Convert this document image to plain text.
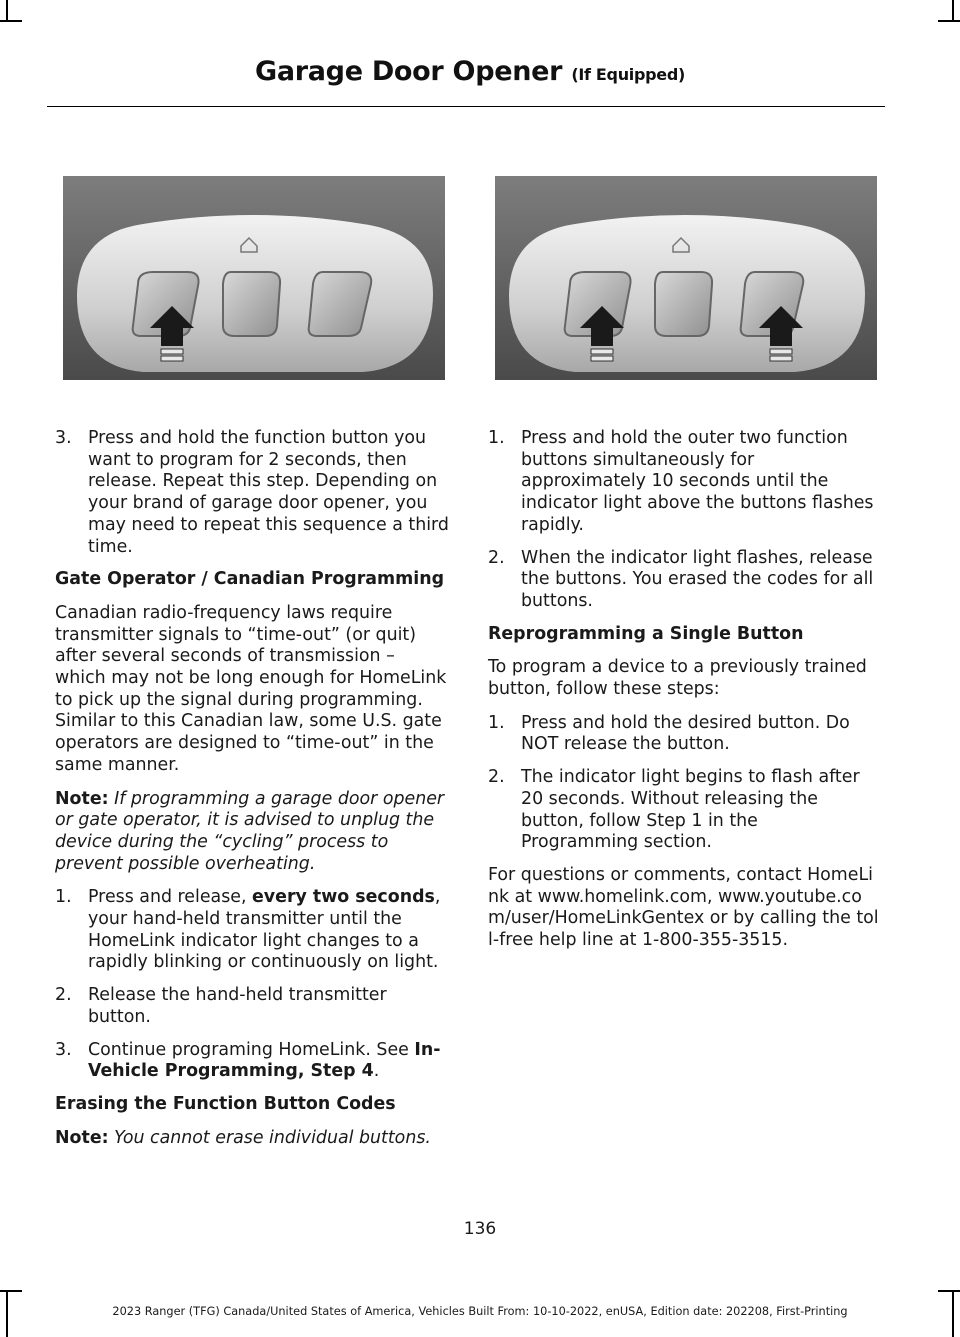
Garage Door Opener (If Equipped)
3. Press and hold the function button you want to program for 2 seconds, then release. Repeat this step. Depending on your brand of garage door opener, you may need to repeat this sequence a third time.
Gate Operator / Canadian Programming

Canadian radio-frequency laws require transmitter signals to “time-out” (or quit) after several seconds of transmission – which may not be long enough for HomeLink to pick up the signal during programming. Similar to this Canadian law, some U.S. gate operators are designed to “time-out” in the same manner.

Note: If programming a garage door opener or gate operator, it is advised to unplug the device during the “cycling” process to prevent possible overheating.

1. Press and release, every two seconds, your hand-held transmitter until the HomeLink indicator light changes to a rapidly blinking or continuously on light.
2. Release the hand-held transmitter button.
3. Continue programing HomeLink. See In-Vehicle Programming, Step 4.
Erasing the Function Button Codes

Note: You cannot erase individual buttons.

1. Press and hold the outer two function buttons simultaneously for approximately 10 seconds until the indicator light above the buttons flashes rapidly.
2. When the indicator light flashes, release the buttons. You erased the codes for all buttons.
Reprogramming a Single Button

To program a device to a previously trained button, follow these steps:

1. Press and hold the desired button. Do NOT release the button.
2. The indicator light begins to flash after 20 seconds. Without releasing the button, follow Step 1 in the Programming section.

For questions or comments, contact HomeLink at www.homelink.com, www.youtube.com/user/HomeLinkGentex or by calling the toll-free help line at 1-800-355-3515.

136
2023 Ranger (TFG) Canada/United States of America, Vehicles Built From: 10-10-2022, enUSA, Edition date: 202208, First-Printing
